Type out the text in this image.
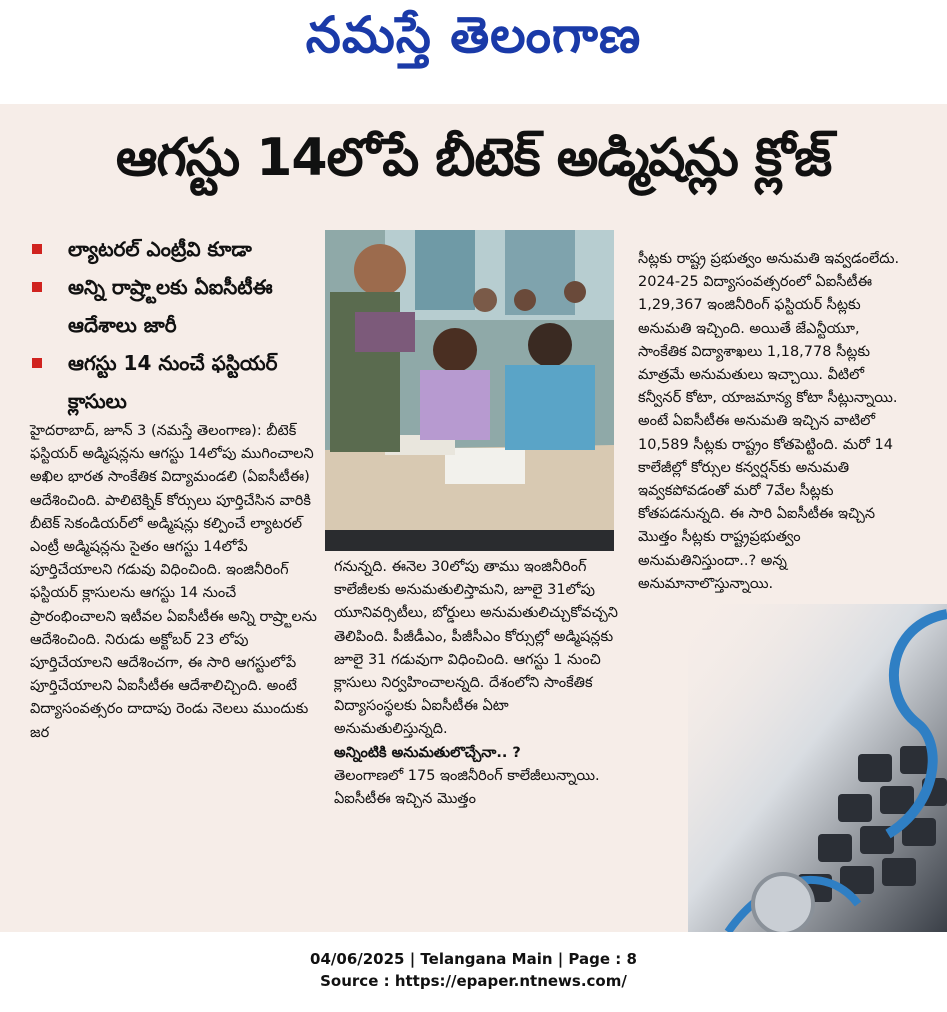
నమస్తే తెలంగాణ
ఆగస్టు 14లోపే బీటెక్ అడ్మిషన్లు క్లోజ్
ల్యాటరల్ ఎంట్రీవి కూడా
అన్ని రాష్ర్టాలకు ఏఐసీటీఈ ఆదేశాలు జారీ
ఆగస్టు 14 నుంచే ఫస్టియర్ క్లాసులు

హైదరాబాద్, జూన్ 3 (నమస్తే తెలంగాణ): బీటెక్ ఫస్టియర్ అడ్మిషన్లను ఆగస్టు 14లోపు ముగించాలని అఖిల భారత సాంకేతిక విద్యామండలి (ఏఐసీటీఈ) ఆదేశించింది. పాలిటెక్నిక్ కోర్సులు పూర్తిచేసిన వారికి బీటెక్ సెకండియర్‌లో అడ్మిషన్లు కల్పించే ల్యాటరల్ ఎంట్రీ అడ్మిషన్లను సైతం ఆగస్టు 14లోపే పూర్తిచేయాలని గడువు విధించింది. ఇంజినీరింగ్ ఫస్టియర్ క్లాసులను ఆగస్టు 14 నుంచే ప్రారంభించాలని ఇటీవల ఏఐసీటీఈ అన్ని రాష్ర్టాలను ఆదేశించింది. నిరుడు అక్టోబర్ 23 లోపు పూర్తిచేయాలని ఆదేశించగా, ఈ సారి ఆగస్టులోపే పూర్తిచేయాలని ఏఐసీటీఈ ఆదేశాలిచ్చింది. అంటే విద్యాసంవత్సరం దాదాపు రెండు నెలలు ముందుకు జర

గనున్నది. ఈనెల 30లోపు తాము ఇంజినీరింగ్ కాలేజీలకు అనుమతులిస్తామని, జూలై 31లోపు యూనివర్సిటీలు, బోర్డులు అనుమతులిచ్చుకోవచ్చని తెలిపింది. పీజీడీఎం, పీజీసీఎం కోర్సుల్లో అడ్మిషన్లకు జూలై 31 గడువుగా విధించింది. ఆగస్టు 1 నుంచి క్లాసులు నిర్వహించాలన్నది. దేశంలోని సాంకేతిక విద్యాసంస్థలకు ఏఐసీటీఈ ఏటా అనుమతులిస్తున్నది.

అన్నింటికి అనుమతులొచ్చేనా.. ?

తెలంగాణలో 175 ఇంజినీరింగ్ కాలేజీలున్నాయి. ఏఐసీటీఈ ఇచ్చిన మొత్తం

సీట్లకు రాష్ట్ర ప్రభుత్వం అనుమతి ఇవ్వడంలేదు. 2024-25 విద్యాసంవత్సరంలో ఏఐసీటీఈ 1,29,367 ఇంజినీరింగ్ ఫస్టియర్ సీట్లకు అనుమతి ఇచ్చింది. అయితే జేఎన్టీయూ, సాంకేతిక విద్యాశాఖలు 1,18,778 సీట్లకు మాత్రమే అనుమతులు ఇచ్చాయి. వీటిలో కన్వీనర్ కోటా, యాజమాన్య కోటా సీట్లున్నాయి. అంటే ఏఐసీటీఈ అనుమతి ఇచ్చిన వాటిలో 10,589 సీట్లకు రాష్ట్రం కోతపెట్టింది. మరో 14 కాలేజీల్లో కోర్సుల కన్వర్షన్‌కు అనుమతి ఇవ్వకపోవడంతో మరో 7వేల సీట్లకు కోతపడనున్నది. ఈ సారి ఏఐసీటీఈ ఇచ్చిన మొత్తం సీట్లకు రాష్ట్రప్రభుత్వం అనుమతినిస్తుందా..? అన్న అనుమానాలొస్తున్నాయి.

04/06/2025 | Telangana Main | Page : 8
Source : https://epaper.ntnews.com/
